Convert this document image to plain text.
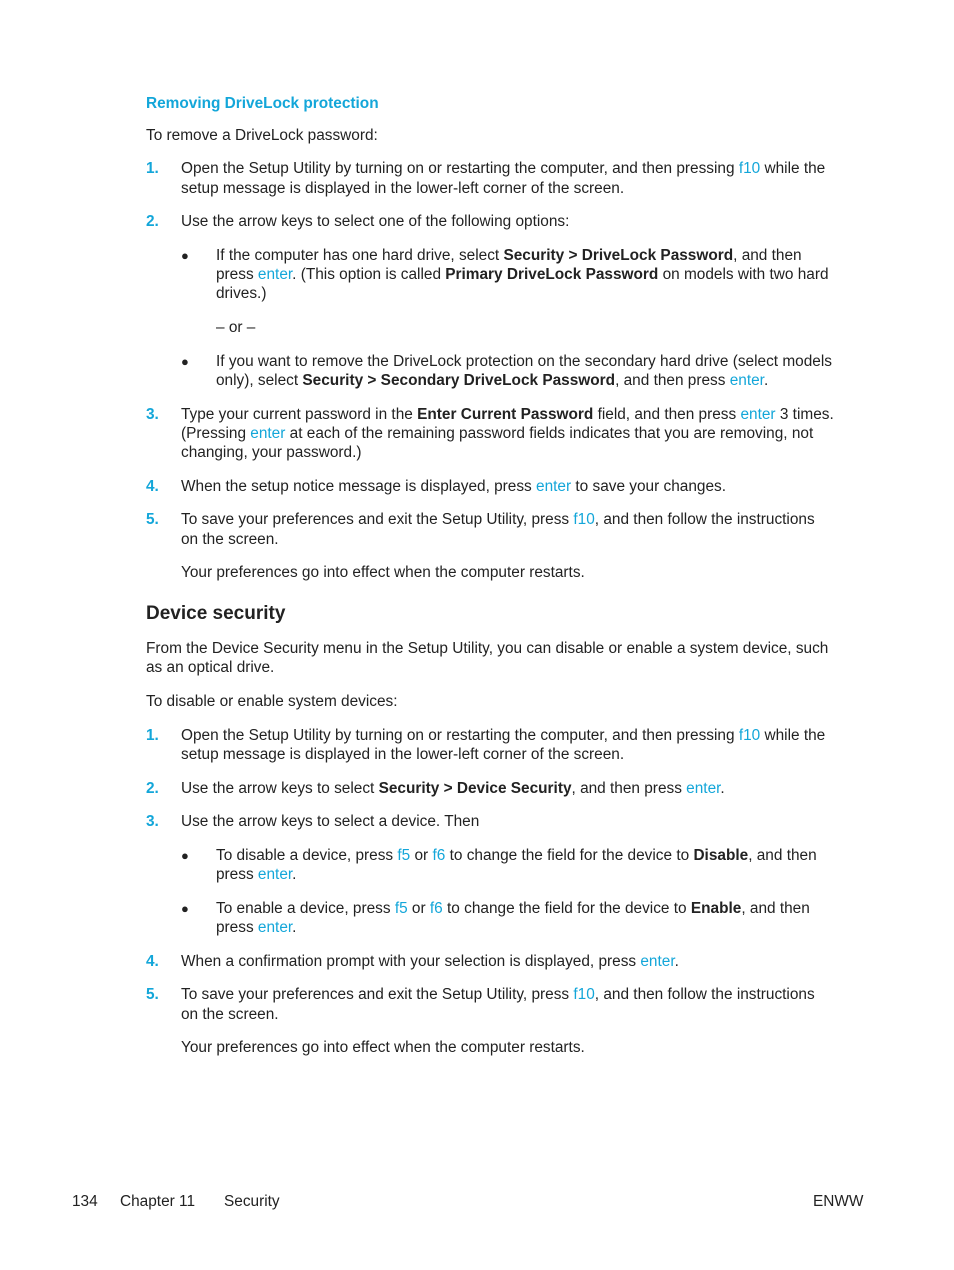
Removing DriveLock protection
To remove a DriveLock password:
1. Open the Setup Utility by turning on or restarting the computer, and then pressing f10 while the
setup message is displayed in the lower-left corner of the screen.
2. Use the arrow keys to select one of the following options:
● If the computer has one hard drive, select Security > DriveLock Password, and then
press enter. (This option is called Primary DriveLock Password on models with two hard
drives.)
– or –
● If you want to remove the DriveLock protection on the secondary hard drive (select models
only), select Security > Secondary DriveLock Password, and then press enter.
3. Type your current password in the Enter Current Password field, and then press enter 3 times.
(Pressing enter at each of the remaining password fields indicates that you are removing, not
changing, your password.)
4. When the setup notice message is displayed, press enter to save your changes.
5. To save your preferences and exit the Setup Utility, press f10, and then follow the instructions
on the screen.
Your preferences go into effect when the computer restarts.
Device security
From the Device Security menu in the Setup Utility, you can disable or enable a system device, such
as an optical drive.
To disable or enable system devices:
1. Open the Setup Utility by turning on or restarting the computer, and then pressing f10 while the
setup message is displayed in the lower-left corner of the screen.
2. Use the arrow keys to select Security > Device Security, and then press enter.
3. Use the arrow keys to select a device. Then
● To disable a device, press f5 or f6 to change the field for the device to Disable, and then
press enter.
● To enable a device, press f5 or f6 to change the field for the device to Enable, and then
press enter.
4. When a confirmation prompt with your selection is displayed, press enter.
5. To save your preferences and exit the Setup Utility, press f10, and then follow the instructions
on the screen.
Your preferences go into effect when the computer restarts.
134 Chapter 11 Security	ENWW
